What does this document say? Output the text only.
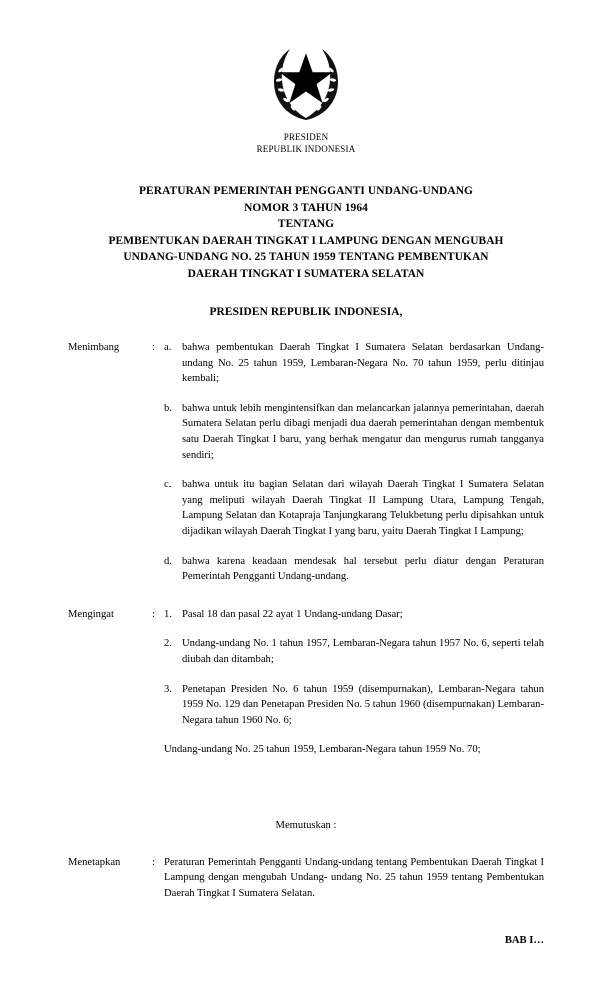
PRESIDEN
REPUBLIK INDONESIA
PERATURAN PEMERINTAH PENGGANTI UNDANG-UNDANG
NOMOR 3 TAHUN 1964
TENTANG
PEMBENTUKAN DAERAH TINGKAT I LAMPUNG DENGAN MENGUBAH
UNDANG-UNDANG NO. 25 TAHUN 1959 TENTANG PEMBENTUKAN
DAERAH TINGKAT I SUMATERA SELATAN
PRESIDEN REPUBLIK INDONESIA,
Menimbang	: a.	bahwa pembentukan Daerah Tingkat I Sumatera Selatan berdasarkan Undang-undang No. 25 tahun 1959, Lembaran-Negara No. 70 tahun 1959, perlu ditinjau kembali;
b. bahwa untuk lebih mengintensifkan dan melancarkan jalannya pemerintahan, daerah Sumatera Selatan perlu dibagi menjadi dua daerah pemerintahan dengan membentuk satu Daerah Tingkat I baru, yang berhak mengatur dan mengurus rumah tangganya sendiri;
c.	bahwa untuk itu bagian Selatan dari wilayah Daerah Tingkat I Sumatera Selatan yang meliputi wilayah Daerah Tingkat II Lampung Utara, Lampung Tengah, Lampung Selatan dan Kotapraja Tanjungkarang Telukbetung perlu dipisahkan untuk dijadikan wilayah Daerah Tingkat I yang baru, yaitu Daerah Tingkat I Lampung;
d. bahwa karena keadaan mendesak hal tersebut perlu diatur dengan Peraturan Pemerintah Pengganti Undang-undang.
Mengingat	: 1. Pasal 18 dan pasal 22 ayat 1 Undang-undang Dasar;
2. Undang-undang No. 1 tahun 1957, Lembaran-Negara tahun 1957 No. 6, seperti telah diubah dan ditambah;
3. Penetapan Presiden No. 6 tahun 1959 (disempurnakan), Lembaran-Negara tahun 1959 No. 129 dan Penetapan Presiden No. 5 tahun 1960 (disempurnakan) Lembaran-Negara tahun 1960 No. 6;
Undang-undang No. 25 tahun 1959, Lembaran-Negara tahun 1959 No. 70;
Memutuskan :
Menetapkan	: Peraturan Pemerintah Pengganti Undang-undang tentang Pembentukan Daerah Tingkat I Lampung dengan mengubah Undang- undang No. 25 tahun 1959 tentang Pembentukan Daerah Tingkat I Sumatera Selatan.
BAB I…
